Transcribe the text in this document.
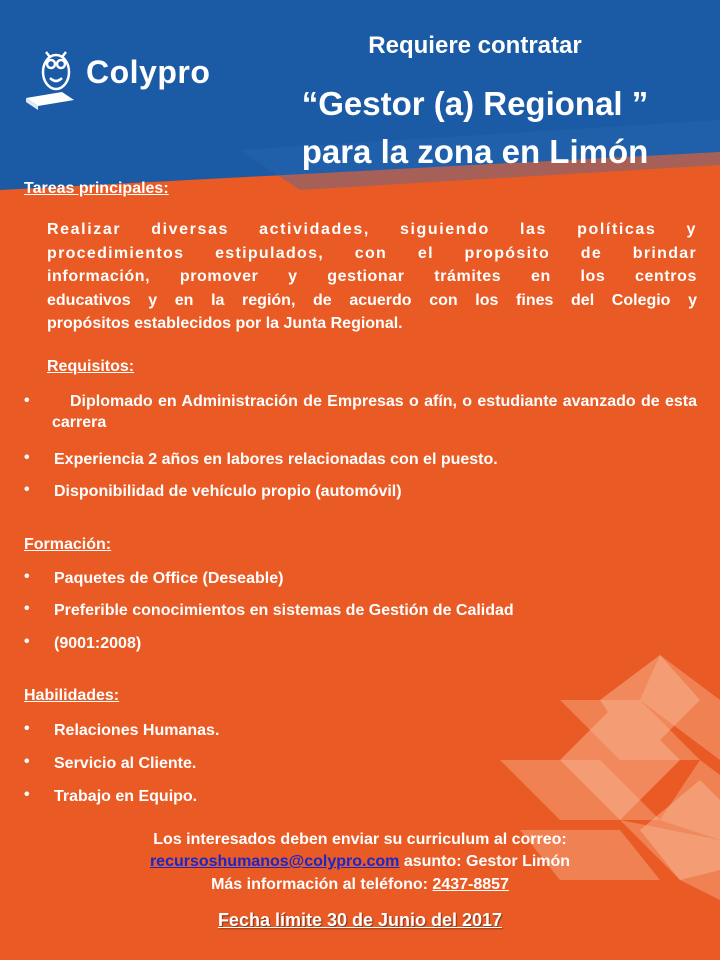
Colypro
Requiere contratar
“Gestor (a) Regional ”
para la zona en Limón
Tareas principales:
Realizar diversas actividades, siguiendo las políticas y
procedimientos estipulados, con el propósito de brindar
información, promover y gestionar trámites en los centros
educativos y en la región, de acuerdo con los fines del Colegio y
propósitos establecidos por la Junta Regional.
Requisitos:
•	Diplomado en Administración de Empresas o afín, o estudiante avanzado de esta carrera
• Experiencia 2 años en labores relacionadas con el puesto.
• Disponibilidad de vehículo propio (automóvil)
Formación:
• Paquetes de Office (Deseable)
• Preferible conocimientos en sistemas de Gestión de Calidad
• (9001:2008)
Habilidades:
• Relaciones Humanas.
• Servicio al Cliente.
• Trabajo en Equipo.
Los interesados deben enviar su curriculum al correo:
recursoshumanos@colypro.com asunto: Gestor Limón
Más información al teléfono: 2437-8857
Fecha límite 30 de Junio del 2017
